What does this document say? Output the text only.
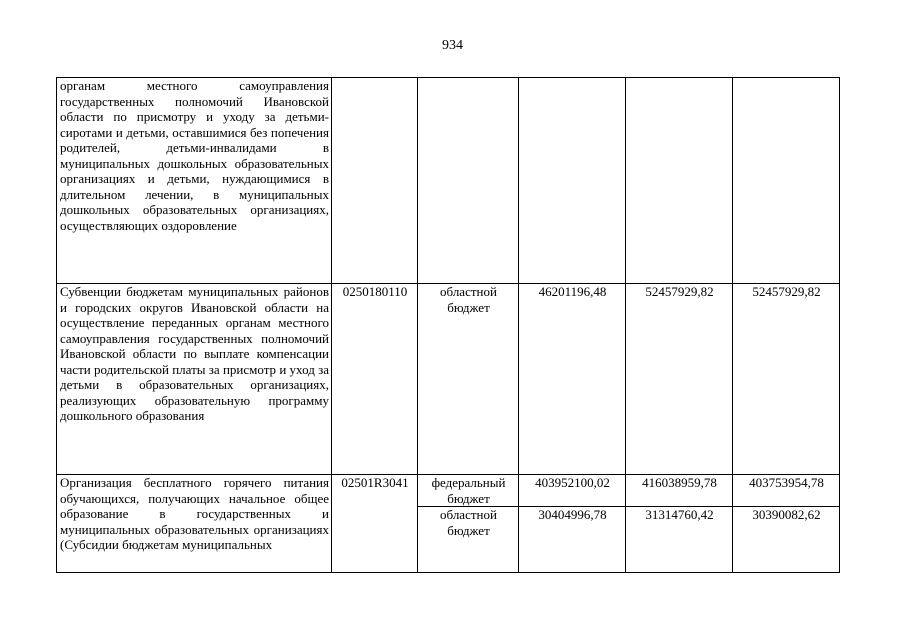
934

органам местного самоуправления государственных полномочий Ивановской области по присмотру и уходу за детьми-сиротами и детьми, оставшимися без попечения родителей, детьми-инвалидами в муниципальных дошкольных образовательных организациях и детьми, нуждающимися в длительном лечении, в муниципальных дошкольных образовательных организациях, осуществляющих оздоровление					

Субвенции бюджетам муниципальных районов и городских округов Ивановской области на осуществление переданных органам местного самоуправления государственных полномочий Ивановской области по выплате компенсации части родительской платы за присмотр и уход за детьми в образовательных организациях, реализующих образовательную программу дошкольного образования	0250180110	областной бюджет	46201196,48	52457929,82	52457929,82

Организация бесплатного горячего питания обучающихся, получающих начальное общее образование в государственных и муниципальных образовательных организациях (Субсидии бюджетам муниципальных	02501R3041	федеральный бюджет	403952100,02	416038959,78	403753954,78
		областной бюджет	30404996,78	31314760,42	30390082,62
